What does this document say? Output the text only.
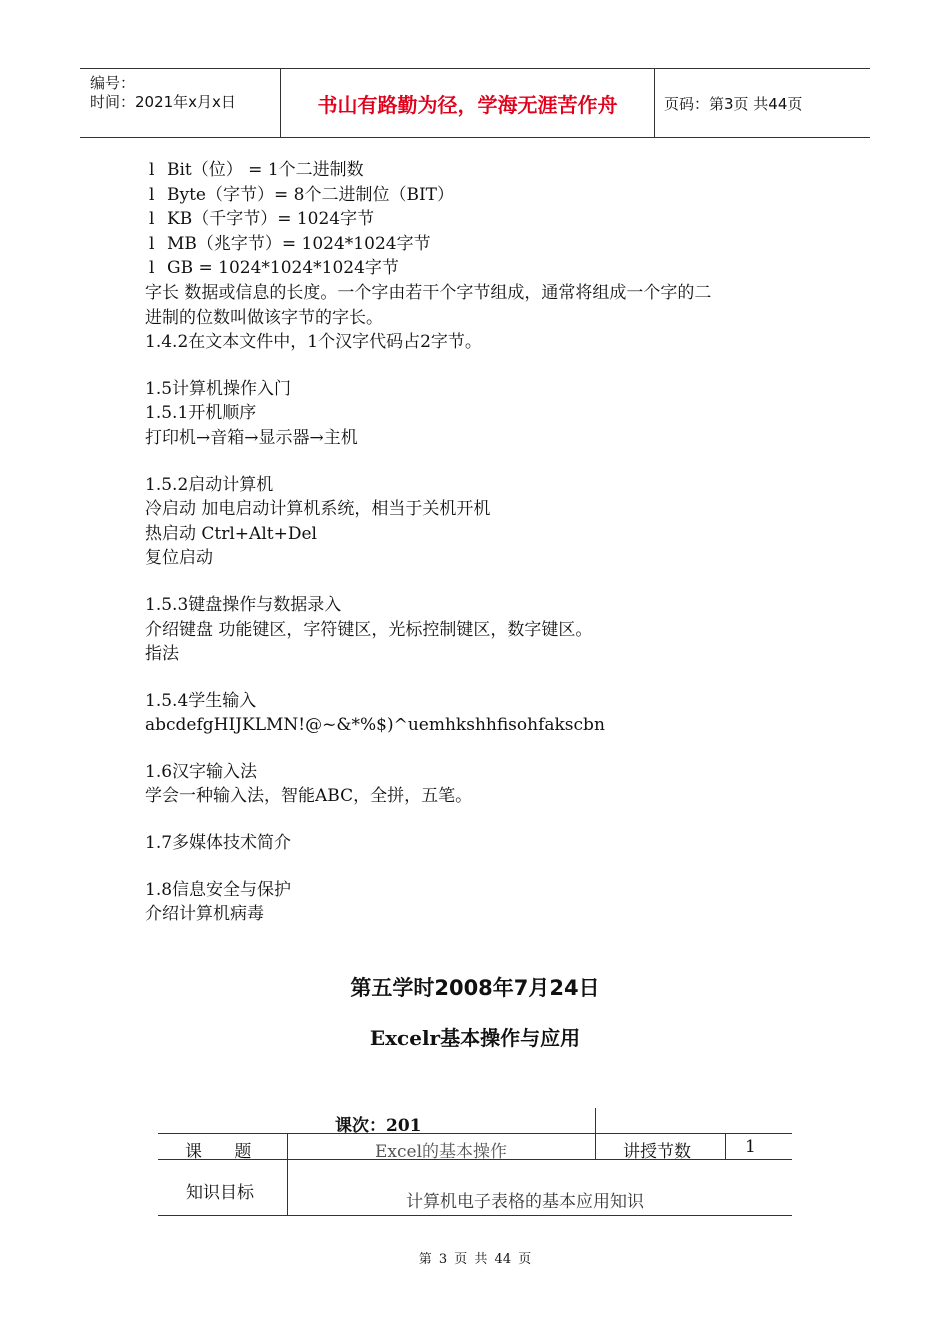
编号：
时间：2021年x月x日	书山有路勤为径，学海无涯苦作舟	页码：第3页 共44页
l Bit（位） = 1个二进制数
l Byte（字节）= 8个二进制位（BIT）
l KB（千字节）= 1024字节
l MB（兆字节）= 1024*1024字节
l GB = 1024*1024*1024字节
字长 数据或信息的长度。一个字由若干个字节组成，通常将组成一个字的二
进制的位数叫做该字节的字长。
1.4.2在文本文件中，1个汉字代码占2字节。
1.5计算机操作入门
1.5.1开机顺序
打印机→音箱→显示器→主机
1.5.2启动计算机
冷启动 加电启动计算机系统，相当于关机开机
热启动 Ctrl+Alt+Del
复位启动
1.5.3键盘操作与数据录入
介绍键盘 功能键区，字符键区，光标控制键区，数字键区。
指法
1.5.4学生输入
abcdefgHIJKLMN!@~&*%$)^uemhkshhfisohfakscbn
1.6汉字输入法
学会一种输入法，智能ABC，全拼，五笔。
1.7多媒体技术简介
1.8信息安全与保护
介绍计算机病毒
第五学时2008年7月24日
Excelr基本操作与应用
课次：201
课      题	Excel的基本操作	讲授节数	1
知识目标	计算机电子表格的基本应用知识
第 3 页 共 44 页
